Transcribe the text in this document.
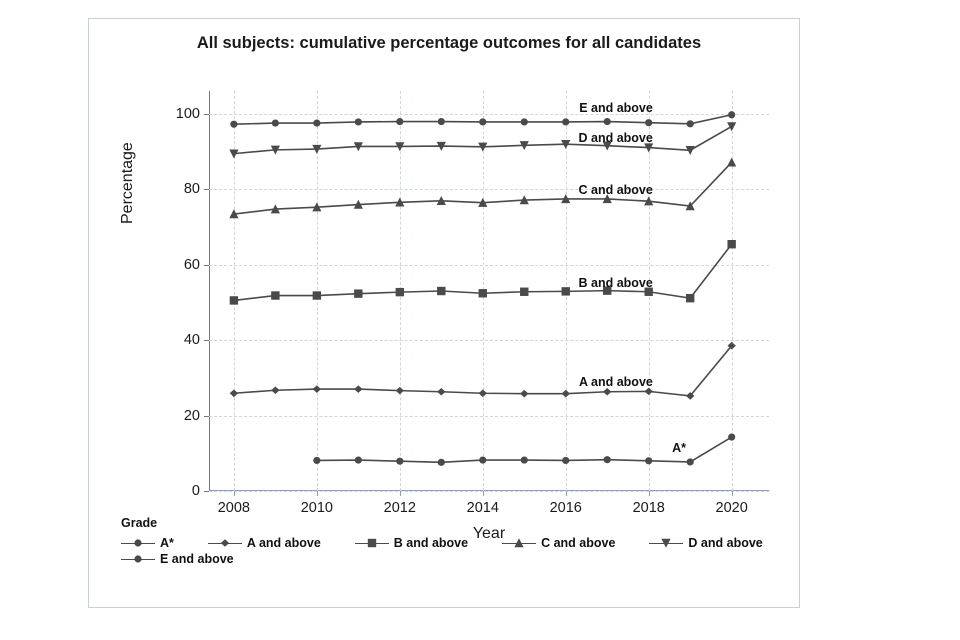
All subjects: cumulative percentage outcomes for all candidates
Percentage
Year
0
20
40
60
80
100
2008	2010	2012	2014	2016	2018	2020
E and above
D and above
C and above
B and above
A and above
A*
Grade
A*	A and above	B and above	C and above	D and above
E and above
